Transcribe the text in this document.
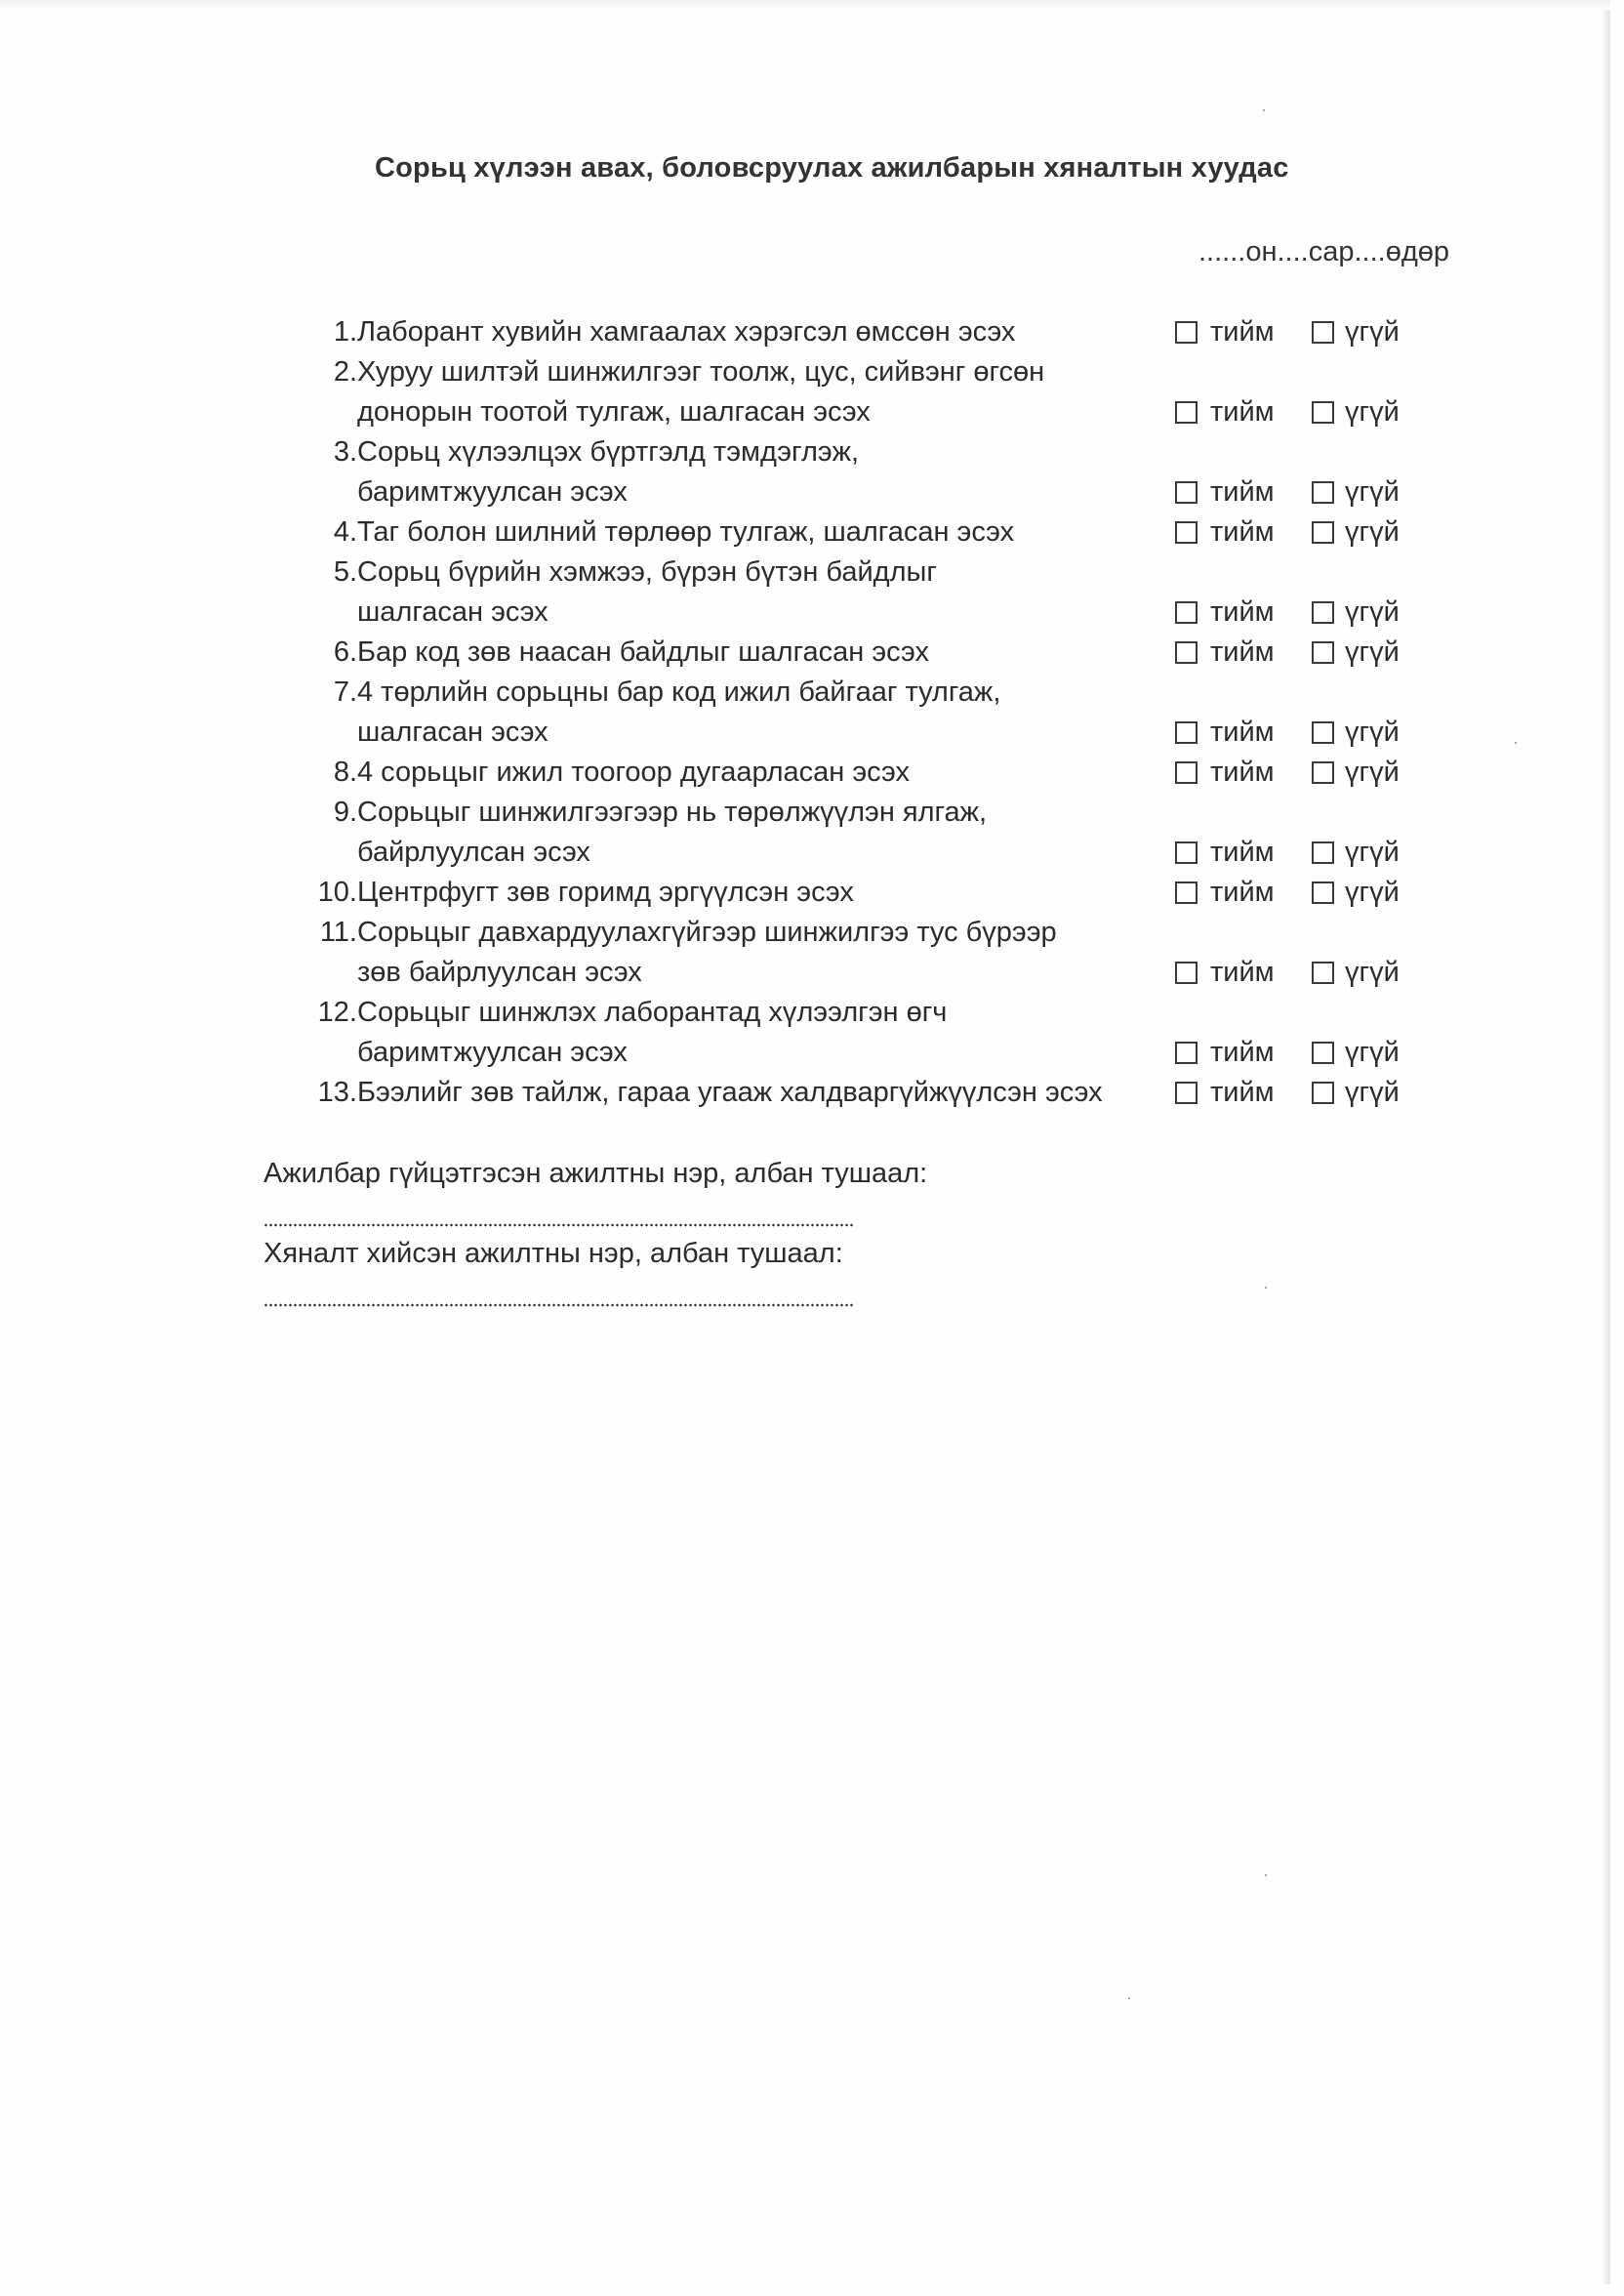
Сорьц хүлээн авах, боловсруулах ажилбарын хяналтын хуудас
......он....сар....өдөр
1. Лаборант хувийн хамгаалах хэрэгсэл өмссөн эсэх	тийм үгүй
2. Хуруу шилтэй шинжилгээг тоолж, цус, сийвэнг өгсөн
донорын тоотой тулгаж, шалгасан эсэх	тийм үгүй
3. Сорьц хүлээлцэх бүртгэлд тэмдэглэж,
баримтжуулсан эсэх	тийм үгүй
4. Таг болон шилний төрлөөр тулгаж, шалгасан эсэх	тийм үгүй
5. Сорьц бүрийн хэмжээ, бүрэн бүтэн байдлыг
шалгасан эсэх	тийм үгүй
6. Бар код зөв наасан байдлыг шалгасан эсэх	тийм үгүй
7. 4 төрлийн сорьцны бар код ижил байгааг тулгаж,
шалгасан эсэх	тийм үгүй
8. 4 сорьцыг ижил тоогоор дугаарласан эсэх	тийм үгүй
9. Сорьцыг шинжилгээгээр нь төрөлжүүлэн ялгаж,
байрлуулсан эсэх	тийм үгүй
10. Центрфугт зөв горимд эргүүлсэн эсэх	тийм үгүй
11. Сорьцыг давхардуулахгүйгээр шинжилгээ тус бүрээр
зөв байрлуулсан эсэх	тийм үгүй
12. Сорьцыг шинжлэх лаборантад хүлээлгэн өгч
баримтжуулсан эсэх	тийм үгүй
13. Бээлийг зөв тайлж, гараа угааж халдваргүйжүүлсэн эсэх	тийм үгүй
Ажилбар гүйцэтгэсэн ажилтны нэр, албан тушаал:
Хяналт хийсэн ажилтны нэр, албан тушаал:
